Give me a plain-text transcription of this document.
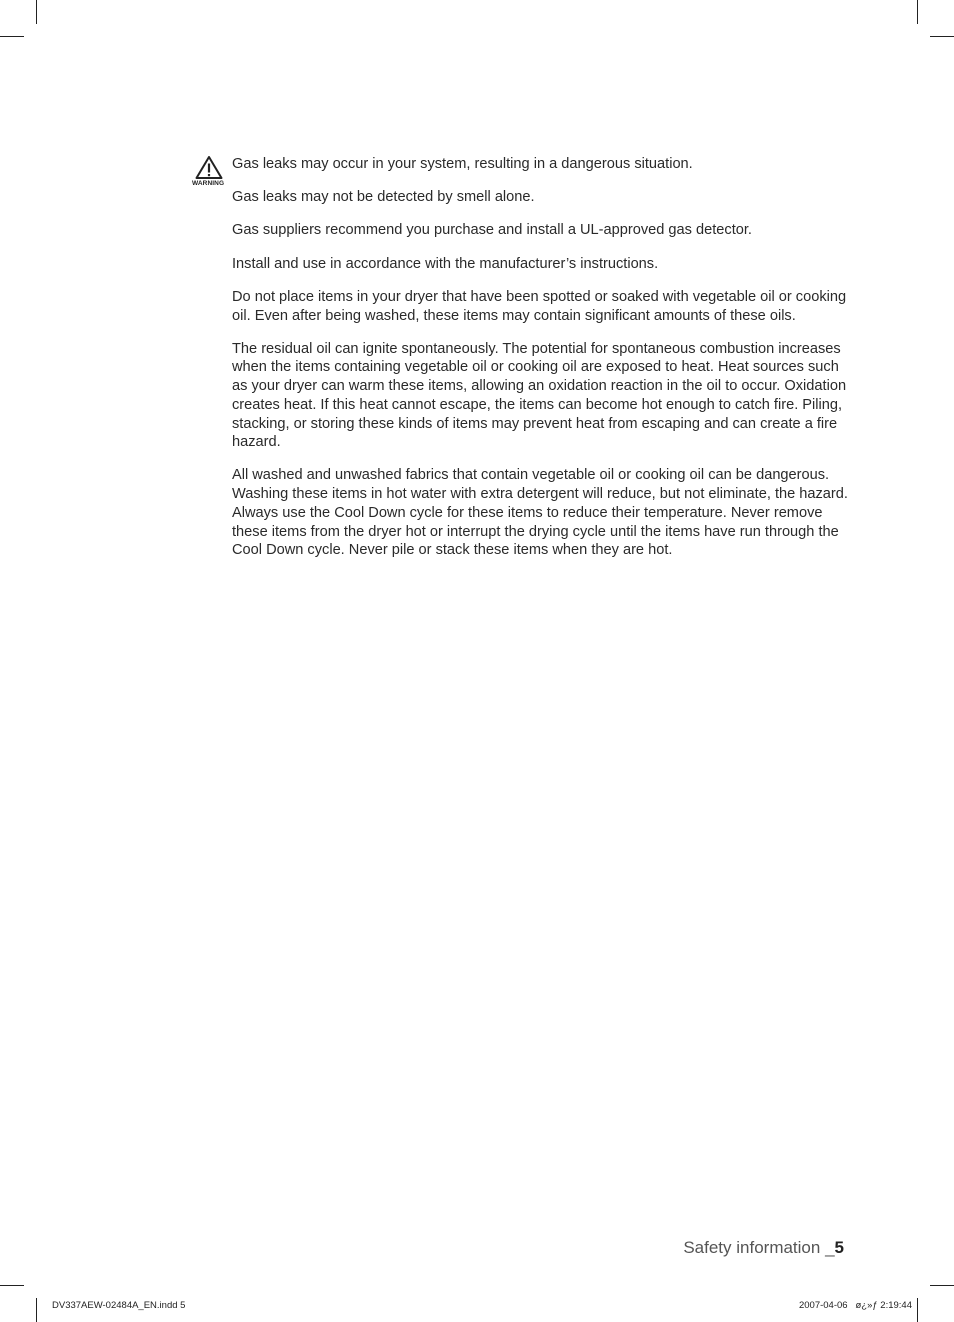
WARNING

Gas leaks may occur in your system, resulting in a dangerous situation.

Gas leaks may not be detected by smell alone.

Gas suppliers recommend you purchase and install a UL-approved gas detector.

Install and use in accordance with the manufacturer’s instructions.

Do not place items in your dryer that have been spotted or soaked with vegetable oil or cooking oil. Even after being washed, these items may contain significant amounts of these oils.

The residual oil can ignite spontaneously. The potential for spontaneous combustion increases when the items containing vegetable oil or cooking oil are exposed to heat. Heat sources such as your dryer can warm these items, allowing an oxidation reaction in the oil to occur. Oxidation creates heat. If this heat cannot escape, the items can become hot enough to catch fire. Piling, stacking, or storing these kinds of items may prevent heat from escaping and can create a fire hazard.

All washed and unwashed fabrics that contain vegetable oil or cooking oil can be dangerous. Washing these items in hot water with extra detergent will reduce, but not eliminate, the hazard. Always use the Cool Down cycle for these items to reduce their temperature. Never remove these items from the dryer hot or interrupt the drying cycle until the items have run through the Cool Down cycle. Never pile or stack these items when they are hot.

Safety information _5
DV337AEW-02484A_EN.indd 5	2007-04-06   ø¿»ƒ 2:19:44
